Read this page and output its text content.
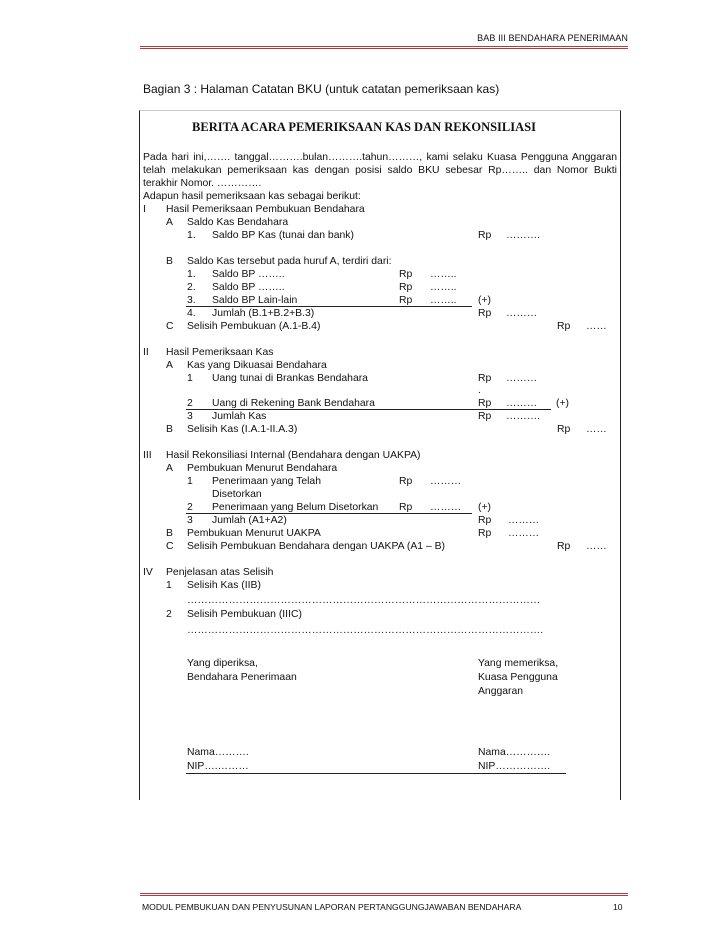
BAB III BENDAHARA PENERIMAAN
Bagian 3 : Halaman Catatan BKU (untuk catatan pemeriksaan kas)
BERITA ACARA PEMERIKSAAN KAS DAN REKONSILIASI
Pada hari ini,……. tanggal……….bulan……….tahun………, kami selaku Kuasa Pengguna Anggaran telah melakukan pemeriksaan kas dengan posisi saldo BKU sebesar Rp…….. dan Nomor Bukti terakhir Nomor. ………….
Adapun hasil pemeriksaan kas sebagai berikut:
I Hasil Pemeriksaan Pembukuan Bendahara
A Saldo Kas Bendahara
1. Saldo BP Kas (tunai dan bank)	Rp ……….
B Saldo Kas tersebut pada huruf A, terdiri dari:
1. Saldo BP ……..	Rp ……..
2. Saldo BP ……..	Rp ……..
3. Saldo BP Lain-lain	Rp …….. (+)
4. Jumlah (B.1+B.2+B.3)	Rp ………
C Selisih Pembukuan (A.1-B.4)	Rp ……
II Hasil Pemeriksaan Kas
A Kas yang Dikuasai Bendahara
1 Uang tunai di Brankas Bendahara	Rp ………
.
2 Uang di Rekening Bank Bendahara	Rp ……… (+)
3 Jumlah Kas	Rp ……….
B Selisih Kas (I.A.1-II.A.3)	Rp ……
III Hasil Rekonsiliasi Internal (Bendahara dengan UAKPA)
A Pembukuan Menurut Bendahara
1 Penerimaan yang Telah	Rp ………
Disetorkan
2 Penerimaan yang Belum Disetorkan Rp ……… (+)
3 Jumlah (A1+A2)	Rp ………
B Pembukuan Menurut UAKPA	Rp ………
C Selisih Pembukuan Bendahara dengan UAKPA (A1 – B)	Rp ……
IV Penjelasan atas Selisih
1 Selisih Kas (IIB)
…………………………………………………………………………………………
2 Selisih Pembukuan (IIIC)
………………………………………………………………………………………….
Yang diperiksa,
Bendahara Penerimaan
Yang memeriksa,
Kuasa Pengguna
Anggaran
Nama……….
NIP….………
Nama………….
NIP…………….
MODUL PEMBUKUAN DAN PENYUSUNAN LAPORAN PERTANGGUNGJAWABAN BENDAHARA	10
